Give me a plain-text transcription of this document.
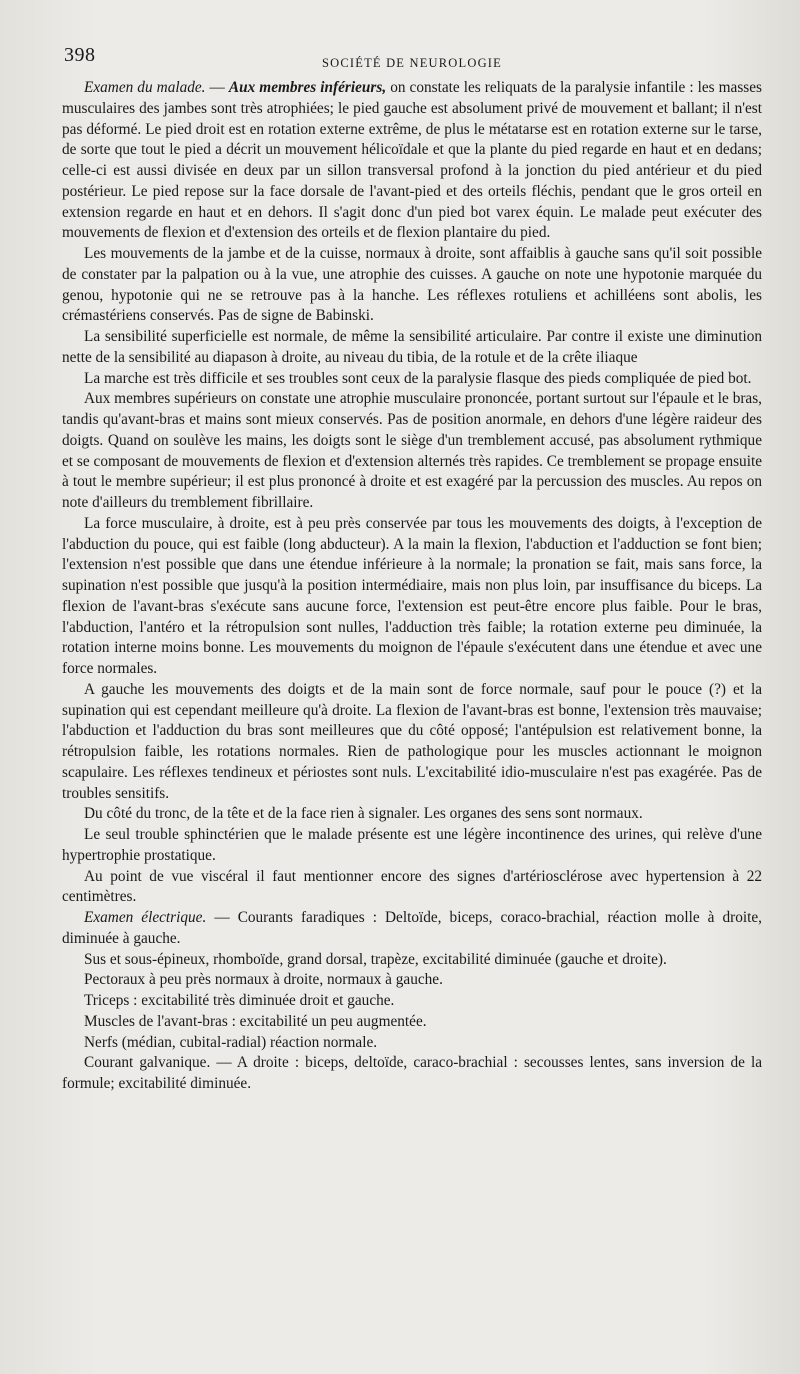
398	SOCIÉTÉ DE NEUROLOGIE

Examen du malade. — Aux membres inférieurs, on constate les reliquats de la paralysie infantile : les masses musculaires des jambes sont très atrophiées; le pied gauche est absolument privé de mouvement et ballant; il n'est pas déformé. Le pied droit est en rotation externe extrême, de plus le métatarse est en rotation externe sur le tarse, de sorte que tout le pied a décrit un mouvement hélicoïdale et que la plante du pied regarde en haut et en dedans; celle-ci est aussi divisée en deux par un sillon transversal profond à la jonction du pied antérieur et du pied postérieur. Le pied repose sur la face dorsale de l'avant-pied et des orteils fléchis, pendant que le gros orteil en extension regarde en haut et en dehors. Il s'agit donc d'un pied bot varex équin. Le malade peut exécuter des mouvements de flexion et d'extension des orteils et de flexion plantaire du pied.

Les mouvements de la jambe et de la cuisse, normaux à droite, sont affaiblis à gauche sans qu'il soit possible de constater par la palpation ou à la vue, une atrophie des cuisses. A gauche on note une hypotonie marquée du genou, hypotonie qui ne se retrouve pas à la hanche. Les réflexes rotuliens et achilléens sont abolis, les crémastériens conservés. Pas de signe de Babinski.

La sensibilité superficielle est normale, de même la sensibilité articulaire. Par contre il existe une diminution nette de la sensibilité au diapason à droite, au niveau du tibia, de la rotule et de la crête iliaque

La marche est très difficile et ses troubles sont ceux de la paralysie flasque des pieds compliquée de pied bot.

Aux membres supérieurs on constate une atrophie musculaire prononcée, portant surtout sur l'épaule et le bras, tandis qu'avant-bras et mains sont mieux conservés. Pas de position anormale, en dehors d'une légère raideur des doigts. Quand on soulève les mains, les doigts sont le siège d'un tremblement accusé, pas absolument rythmique et se composant de mouvements de flexion et d'extension alternés très rapides. Ce tremblement se propage ensuite à tout le membre supérieur; il est plus prononcé à droite et est exagéré par la percussion des muscles. Au repos on note d'ailleurs du tremblement fibrillaire.

La force musculaire, à droite, est à peu près conservée par tous les mouvements des doigts, à l'exception de l'abduction du pouce, qui est faible (long abducteur). A la main la flexion, l'abduction et l'adduction se font bien; l'extension n'est possible que dans une étendue inférieure à la normale; la pronation se fait, mais sans force, la supination n'est possible que jusqu'à la position intermédiaire, mais non plus loin, par insuffisance du biceps. La flexion de l'avant-bras s'exécute sans aucune force, l'extension est peut-être encore plus faible. Pour le bras, l'abduction, l'antéro et la rétropulsion sont nulles, l'adduction très faible; la rotation externe peu diminuée, la rotation interne moins bonne. Les mouvements du moignon de l'épaule s'exécutent dans une étendue et avec une force normales.

A gauche les mouvements des doigts et de la main sont de force normale, sauf pour le pouce (?) et la supination qui est cependant meilleure qu'à droite. La flexion de l'avant-bras est bonne, l'extension très mauvaise; l'abduction et l'adduction du bras sont meilleures que du côté opposé; l'antépulsion est relativement bonne, la rétropulsion faible, les rotations normales. Rien de pathologique pour les muscles actionnant le moignon scapulaire. Les réflexes tendineux et périostes sont nuls. L'excitabilité idio-musculaire n'est pas exagérée. Pas de troubles sensitifs.

Du côté du tronc, de la tête et de la face rien à signaler. Les organes des sens sont normaux.

Le seul trouble sphinctérien que le malade présente est une légère incontinence des urines, qui relève d'une hypertrophie prostatique.

Au point de vue viscéral il faut mentionner encore des signes d'artériosclérose avec hypertension à 22 centimètres.

Examen électrique. — Courants faradiques : Deltoïde, biceps, coraco-brachial, réaction molle à droite, diminuée à gauche.

Sus et sous-épineux, rhomboïde, grand dorsal, trapèze, excitabilité diminuée (gauche et droite).

Pectoraux à peu près normaux à droite, normaux à gauche.

Triceps : excitabilité très diminuée droit et gauche.

Muscles de l'avant-bras : excitabilité un peu augmentée.

Nerfs (médian, cubital-radial) réaction normale.

Courant galvanique. — A droite : biceps, deltoïde, caraco-brachial : secousses lentes, sans inversion de la formule; excitabilité diminuée.
